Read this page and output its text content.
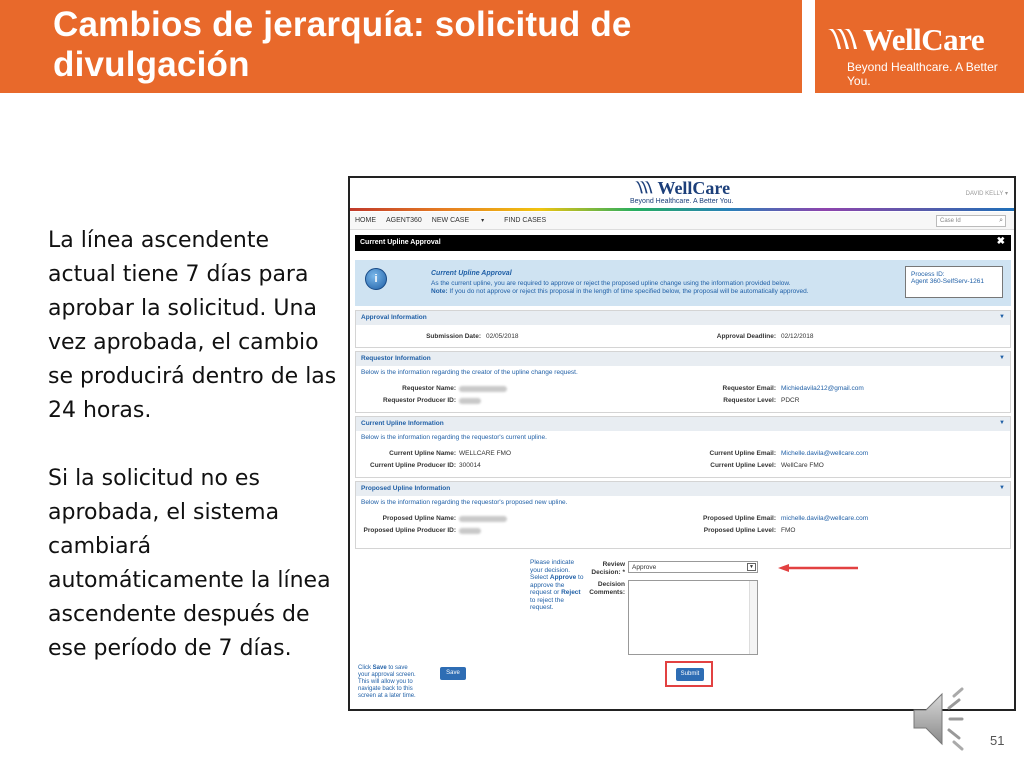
Cambios de jerarquía: solicitud de divulgación
WellCare
Beyond Healthcare. A Better You.

La línea ascendente actual tiene 7 días para aprobar la solicitud. Una vez aprobada, el cambio se producirá dentro de las 24 horas.

Si la solicitud no es aprobada, el sistema cambiará automáticamente la línea ascendente después de ese período de 7 días.

WellCare
Beyond Healthcare. A Better You.
DAVID KELLY ▾
HOME AGENT360 NEW CASE ▾	FIND CASES	Case Id	⌕
Current Upline Approval	✖
i	Current Upline Approval
As the current upline, you are required to approve or reject the proposed upline change using the information provided below.
Note: If you do not approve or reject this proposal in the length of time specified below, the proposal will be automatically approved.
Process ID:
Agent 360-SelfServ-1261
Approval Information	▼
Submission Date: 02/05/2018	Approval Deadline: 02/12/2018
Requestor Information	▼
Below is the information regarding the creator of the upline change request.
Requestor Name:
Requestor Producer ID:
Requestor Email: Michiedavila212@gmail.com
Requestor Level: PDCR
Current Upline Information	▼
Below is the information regarding the requestor's current upline.
Current Upline Name: WELLCARE FMO
Current Upline Producer ID: 300014
Current Upline Email: Michelle.davila@wellcare.com
Current Upline Level: WellCare FMO
Proposed Upline Information	▼
Below is the information regarding the requestor's proposed new upline.
Proposed Upline Name:
Proposed Upline Producer ID:
Proposed Upline Email: michelle.davila@wellcare.com
Proposed Upline Level: FMO
Please indicate your decision. Select Approve to approve the request or Reject to reject the request.
Review Decision: *
Approve	▼
Decision Comments:
Click Save to save your approval screen. This will allow you to navigate back to this screen at a later time.
Save	Submit
51
